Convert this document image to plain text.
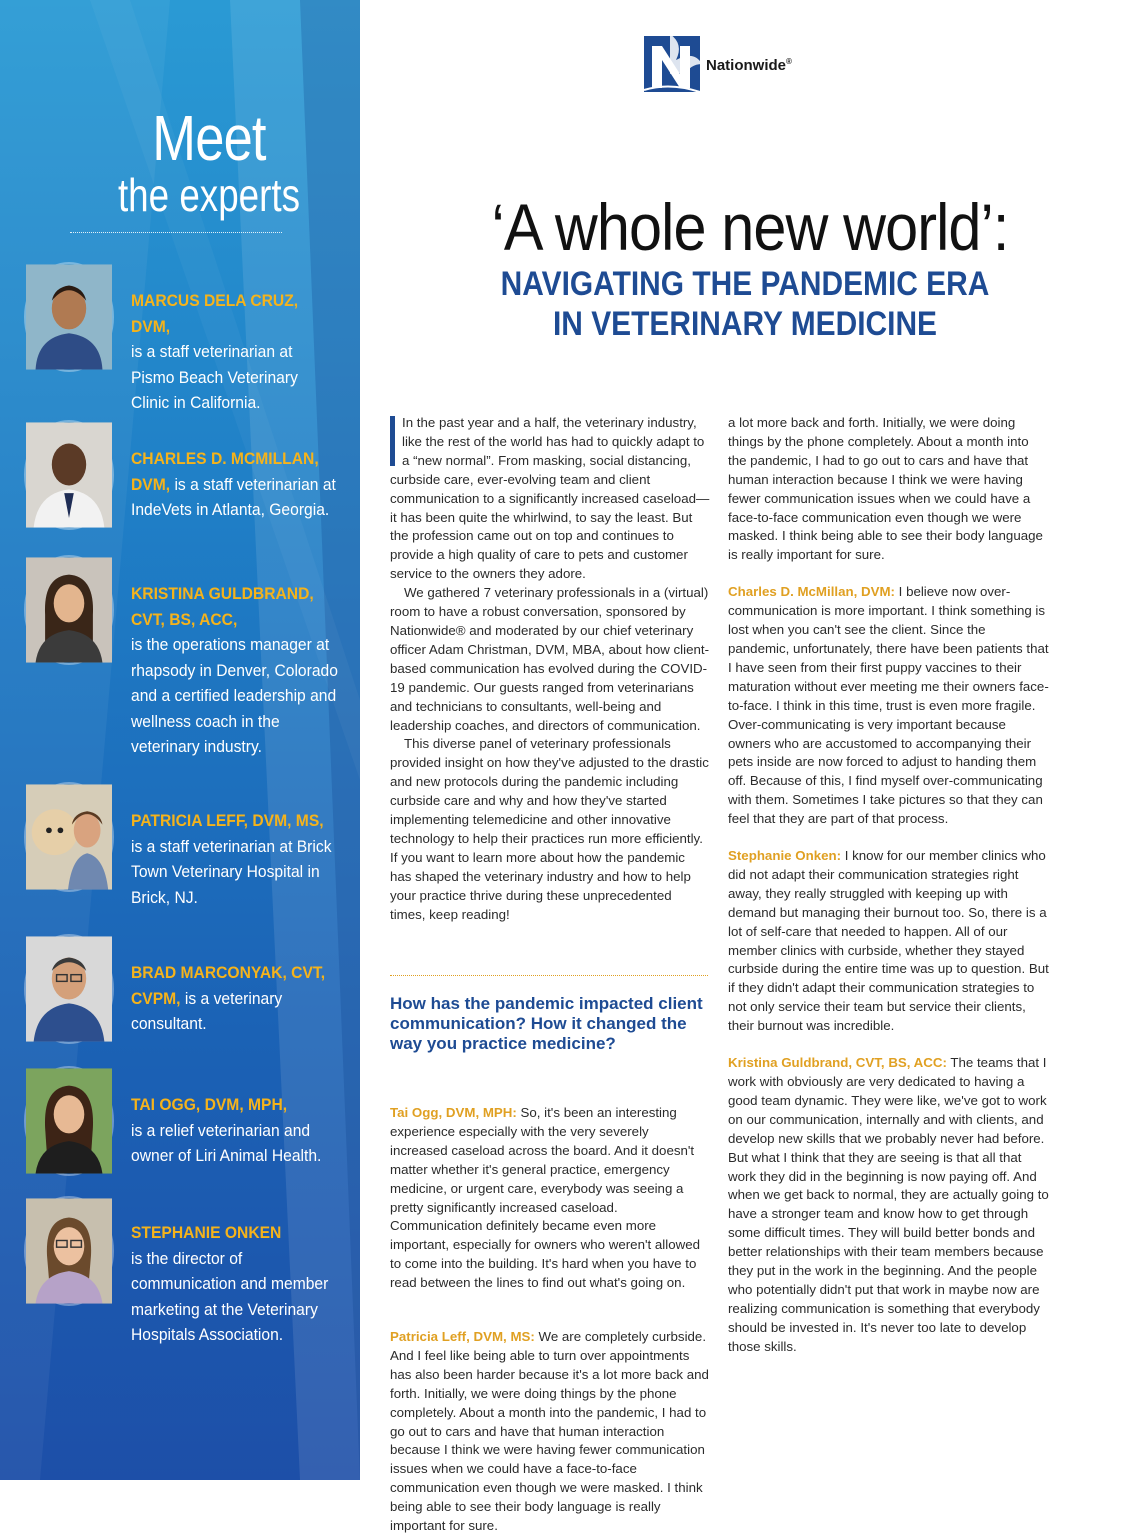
Meet
the experts
MARCUS DELA CRUZ, DVM,
is a staff veterinarian at Pismo Beach Veterinary Clinic in California.
CHARLES D. MCMILLAN, DVM, is a staff veterinarian at IndeVets in Atlanta, Georgia.
KRISTINA GULDBRAND, CVT, BS, ACC,
is the operations manager at rhapsody in Denver, Colorado and a certified leadership and wellness coach in the veterinary industry.
PATRICIA LEFF, DVM, MS,
is a staff veterinarian at Brick Town Veterinary Hospital in Brick, NJ.
BRAD MARCONYAK, CVT, CVPM, is a veterinary consultant.
TAI OGG, DVM, MPH,
is a relief veterinarian and owner of Liri Animal Health.
STEPHANIE ONKEN
is the director of communication and member marketing at the Veterinary Hospitals Association.
Nationwide®
‘A whole new world’:
NAVIGATING THE PANDEMIC ERA
IN VETERINARY MEDICINE

In the past year and a half, the veterinary industry, like the rest of the world has had to quickly adapt to a “new normal”. From masking, social distancing, curbside care, ever-evolving team and client communication to a significantly increased caseload—it has been quite the whirlwind, to say the least. But the profession came out on top and continues to provide a high quality of care to pets and customer service to the owners they adore.

We gathered 7 veterinary professionals in a (virtual) room to have a robust conversation, sponsored by Nationwide® and moderated by our chief veterinary officer Adam Christman, DVM, MBA, about how client-based communication has evolved during the COVID-19 pandemic. Our guests ranged from veterinarians and technicians to consultants, well-being and leadership coaches, and directors of communication.

This diverse panel of veterinary professionals provided insight on how they've adjusted to the drastic and new protocols during the pandemic including curbside care and why and how they've started implementing telemedicine and other innovative technology to help their practices run more efficiently. If you want to learn more about how the pandemic has shaped the veterinary industry and how to help your practice thrive during these unprecedented times, keep reading!

How has the pandemic impacted client communication? How it changed the way you practice medicine?

Tai Ogg, DVM, MPH: So, it's been an interesting experience especially with the very severely increased caseload across the board. And it doesn't matter whether it's general practice, emergency medicine, or urgent care, everybody was seeing a pretty significantly increased caseload. Communication definitely became even more important, especially for owners who weren't allowed to come into the building. It's hard when you have to read between the lines to find out what's going on.

Patricia Leff, DVM, MS: We are completely curbside. And I feel like being able to turn over appointments has also been harder because it's a lot more back and forth. Initially, we were doing things by the phone completely. About a month into the pandemic, I had to go out to cars and have that human interaction because I think we were having fewer communication issues when we could have a face-to-face communication even though we were masked. I think being able to see their body language is really important for sure.

a lot more back and forth. Initially, we were doing things by the phone completely. About a month into the pandemic, I had to go out to cars and have that human interaction because I think we were having fewer communication issues when we could have a face-to-face communication even though we were masked. I think being able to see their body language is really important for sure.

Charles D. McMillan, DVM: I believe now over-communication is more important. I think something is lost when you can't see the client. Since the pandemic, unfortunately, there have been patients that I have seen from their first puppy vaccines to their maturation without ever meeting me their owners face-to-face. I think in this time, trust is even more fragile. Over-communicating is very important because owners who are accustomed to accompanying their pets inside are now forced to adjust to handing them off. Because of this, I find myself over-communicating with them. Sometimes I take pictures so that they can feel that they are part of that process.

Stephanie Onken: I know for our member clinics who did not adapt their communication strategies right away, they really struggled with keeping up with demand but managing their burnout too. So, there is a lot of self-care that needed to happen. All of our member clinics with curbside, whether they stayed curbside during the entire time was up to question. But if they didn't adapt their communication strategies to not only service their team but service their clients, their burnout was incredible.

Kristina Guldbrand, CVT, BS, ACC: The teams that I work with obviously are very dedicated to having a good team dynamic. They were like, we've got to work on our communication, internally and with clients, and develop new skills that we probably never had before. But what I think that they are seeing is that all that work they did in the beginning is now paying off. And when we get back to normal, they are actually going to have a stronger team and know how to get through some difficult times. They will build better bonds and better relationships with their team members because they put in the work in the beginning. And the people who potentially didn't put that work in maybe now are realizing communication is something that everybody should be invested in. It's never too late to develop those skills.
